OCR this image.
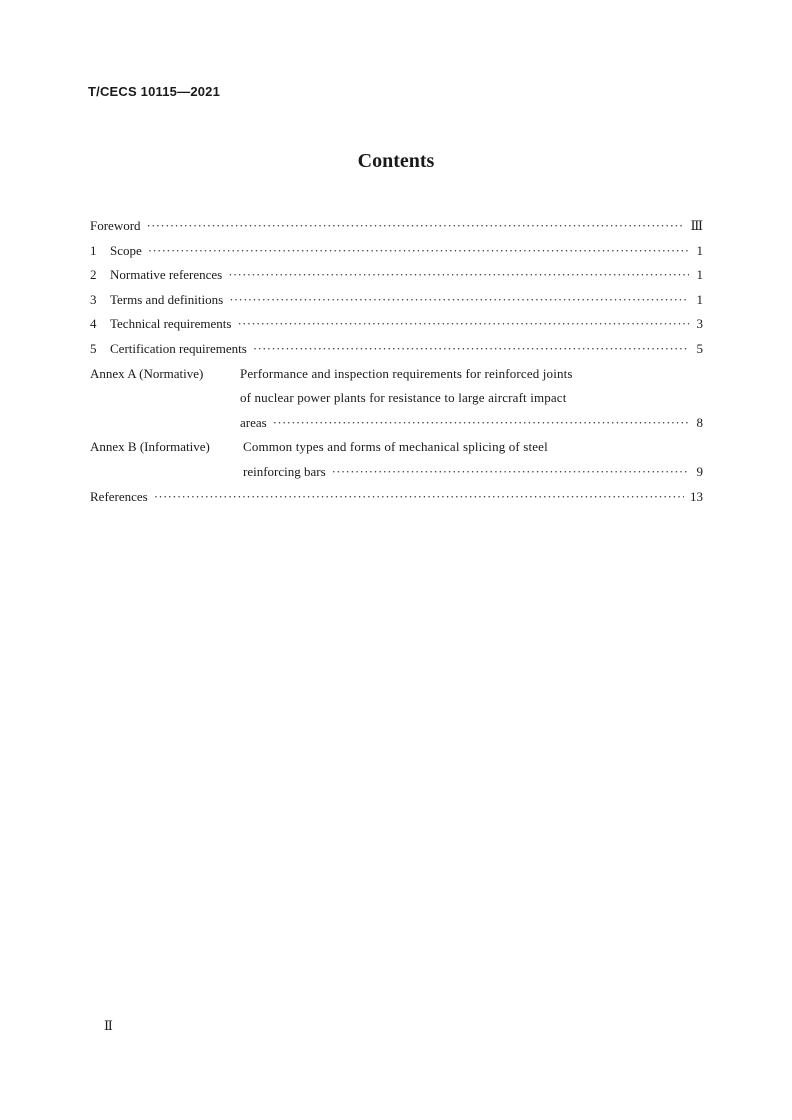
T/CECS 10115—2021
Contents
Foreword ·····	Ⅲ
1 Scope ·····	1
2 Normative references ·····	1
3 Terms and definitions ·····	1
4 Technical requirements ·····	3
5 Certification requirements ·····	5
Annex A (Normative)	Performance and inspection requirements for reinforced joints
of nuclear power plants for resistance to large aircraft impact
areas ·····	8
Annex B (Informative)	Common types and forms of mechanical splicing of steel
reinforcing bars ·····	9
References ·····	13
Ⅱ
